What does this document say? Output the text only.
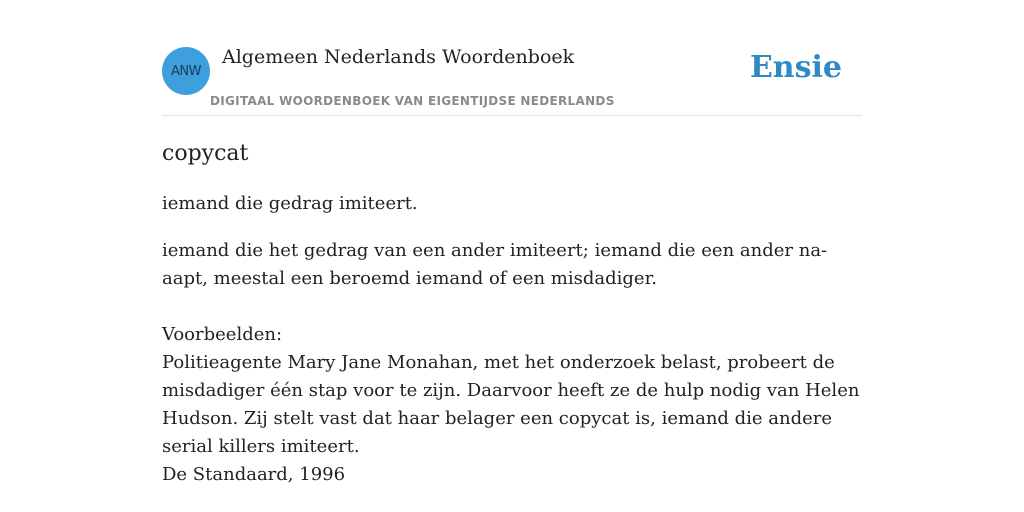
ANW
Algemeen Nederlands Woordenboek
DIGITAAL WOORDENBOEK VAN EIGENTIJDSE NEDERLANDS
Ensie
copycat
iemand die gedrag imiteert.
iemand die het gedrag van een ander imiteert; iemand die een ander na-aapt, meestal een beroemd iemand of een misdadiger.
Voorbeelden:
Politieagente Mary Jane Monahan, met het onderzoek belast, probeert de misdadiger één stap voor te zijn. Daarvoor heeft ze de hulp nodig van Helen Hudson. Zij stelt vast dat haar belager een copycat is, iemand die andere serial killers imiteert.
De Standaard, 1996
